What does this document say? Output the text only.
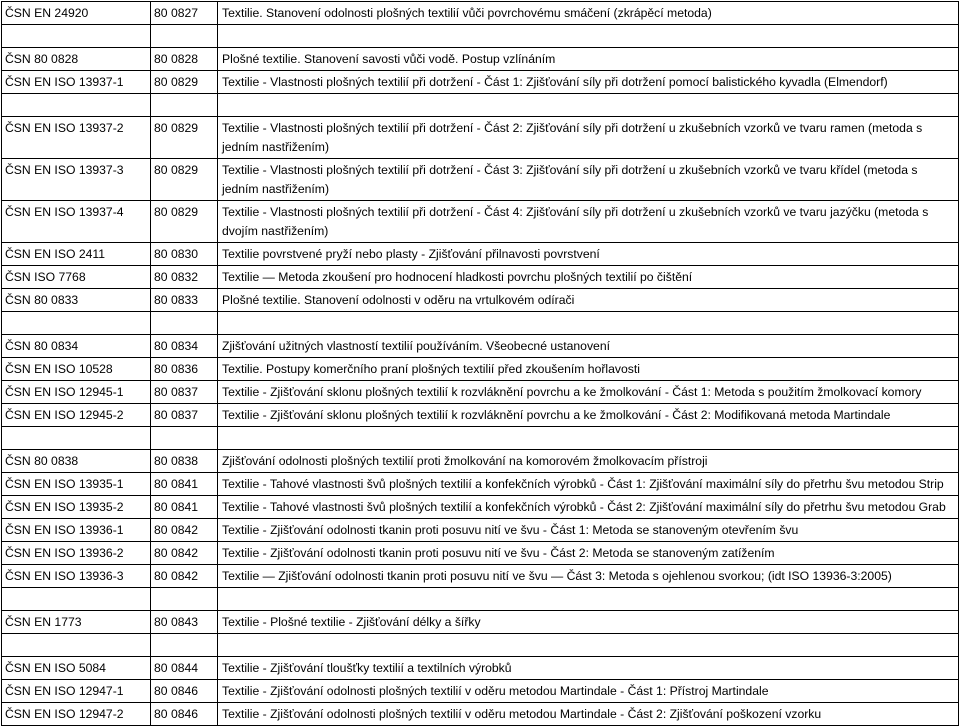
ČSN EN 24920	80 0827	Textilie. Stanovení odolnosti plošných textilií vůči povrchovému smáčení (zkrápěcí metoda)

ČSN 80 0828	80 0828	Plošné textilie. Stanovení savosti vůči vodě. Postup vzlínáním
ČSN EN ISO 13937-1	80 0829	Textilie - Vlastnosti plošných textilií při dotržení - Část 1: Zjišťování síly při dotržení pomocí balistického kyvadla (Elmendorf)

ČSN EN ISO 13937-2	80 0829	Textilie - Vlastnosti plošných textilií při dotržení - Část 2: Zjišťování síly při dotržení u zkušebních vzorků ve tvaru ramen (metoda s jedním nastřižením)
ČSN EN ISO 13937-3	80 0829	Textilie - Vlastnosti plošných textilií při dotržení - Část 3: Zjišťování síly při dotržení u zkušebních vzorků ve tvaru křídel (metoda s jedním nastřižením)
ČSN EN ISO 13937-4	80 0829	Textilie - Vlastnosti plošných textilií při dotržení - Část 4: Zjišťování síly při dotržení u zkušebních vzorků ve tvaru jazýčku (metoda s dvojím nastřižením)
ČSN EN ISO 2411	80 0830	Textilie povrstvené pryží nebo plasty - Zjišťování přilnavosti povrstvení
ČSN ISO 7768	80 0832	Textilie — Metoda zkoušení pro hodnocení hladkosti povrchu plošných textilií po čištění
ČSN 80 0833	80 0833	Plošné textilie. Stanovení odolnosti v oděru na vrtulkovém odírači

ČSN 80 0834	80 0834	Zjišťování užitných vlastností textilií používáním. Všeobecné ustanovení
ČSN EN ISO 10528	80 0836	Textilie. Postupy komerčního praní plošných textilií před zkoušením hořlavosti
ČSN EN ISO 12945-1	80 0837	Textilie - Zjišťování sklonu plošných textilií k rozvláknění povrchu a ke žmolkování - Část 1: Metoda s použitím žmolkovací komory
ČSN EN ISO 12945-2	80 0837	Textilie - Zjišťování sklonu plošných textilií k rozvláknění povrchu a ke žmolkování - Část 2: Modifikovaná metoda Martindale

ČSN 80 0838	80 0838	Zjišťování odolnosti plošných textilií proti žmolkování na komorovém žmolkovacím přístroji
ČSN EN ISO 13935-1	80 0841	Textilie - Tahové vlastnosti švů plošných textilií a konfekčních výrobků - Část 1: Zjišťování maximální síly do přetrhu švu metodou Strip
ČSN EN ISO 13935-2	80 0841	Textilie - Tahové vlastnosti švů plošných textilií a konfekčních výrobků - Část 2: Zjišťování maximální síly do přetrhu švu metodou Grab
ČSN EN ISO 13936-1	80 0842	Textilie - Zjišťování odolnosti tkanin proti posuvu nití ve švu - Část 1: Metoda se stanoveným otevřením švu
ČSN EN ISO 13936-2	80 0842	Textilie - Zjišťování odolnosti tkanin proti posuvu nití ve švu - Část 2: Metoda se stanoveným zatížením
ČSN EN ISO 13936-3	80 0842	Textilie — Zjišťování odolnosti tkanin proti posuvu nití ve švu — Část 3: Metoda s ojehlenou svorkou; (idt ISO 13936-3:2005)

ČSN EN 1773	80 0843	Textilie - Plošné textilie - Zjišťování délky a šířky

ČSN EN ISO 5084	80 0844	Textilie - Zjišťování tloušťky textilií a textilních výrobků
ČSN EN ISO 12947-1	80 0846	Textilie - Zjišťování odolnosti plošných textilií v oděru metodou Martindale - Část 1: Přístroj Martindale
ČSN EN ISO 12947-2	80 0846	Textilie - Zjišťování odolnosti plošných textilií v oděru metodou Martindale - Část 2: Zjišťování poškození vzorku
